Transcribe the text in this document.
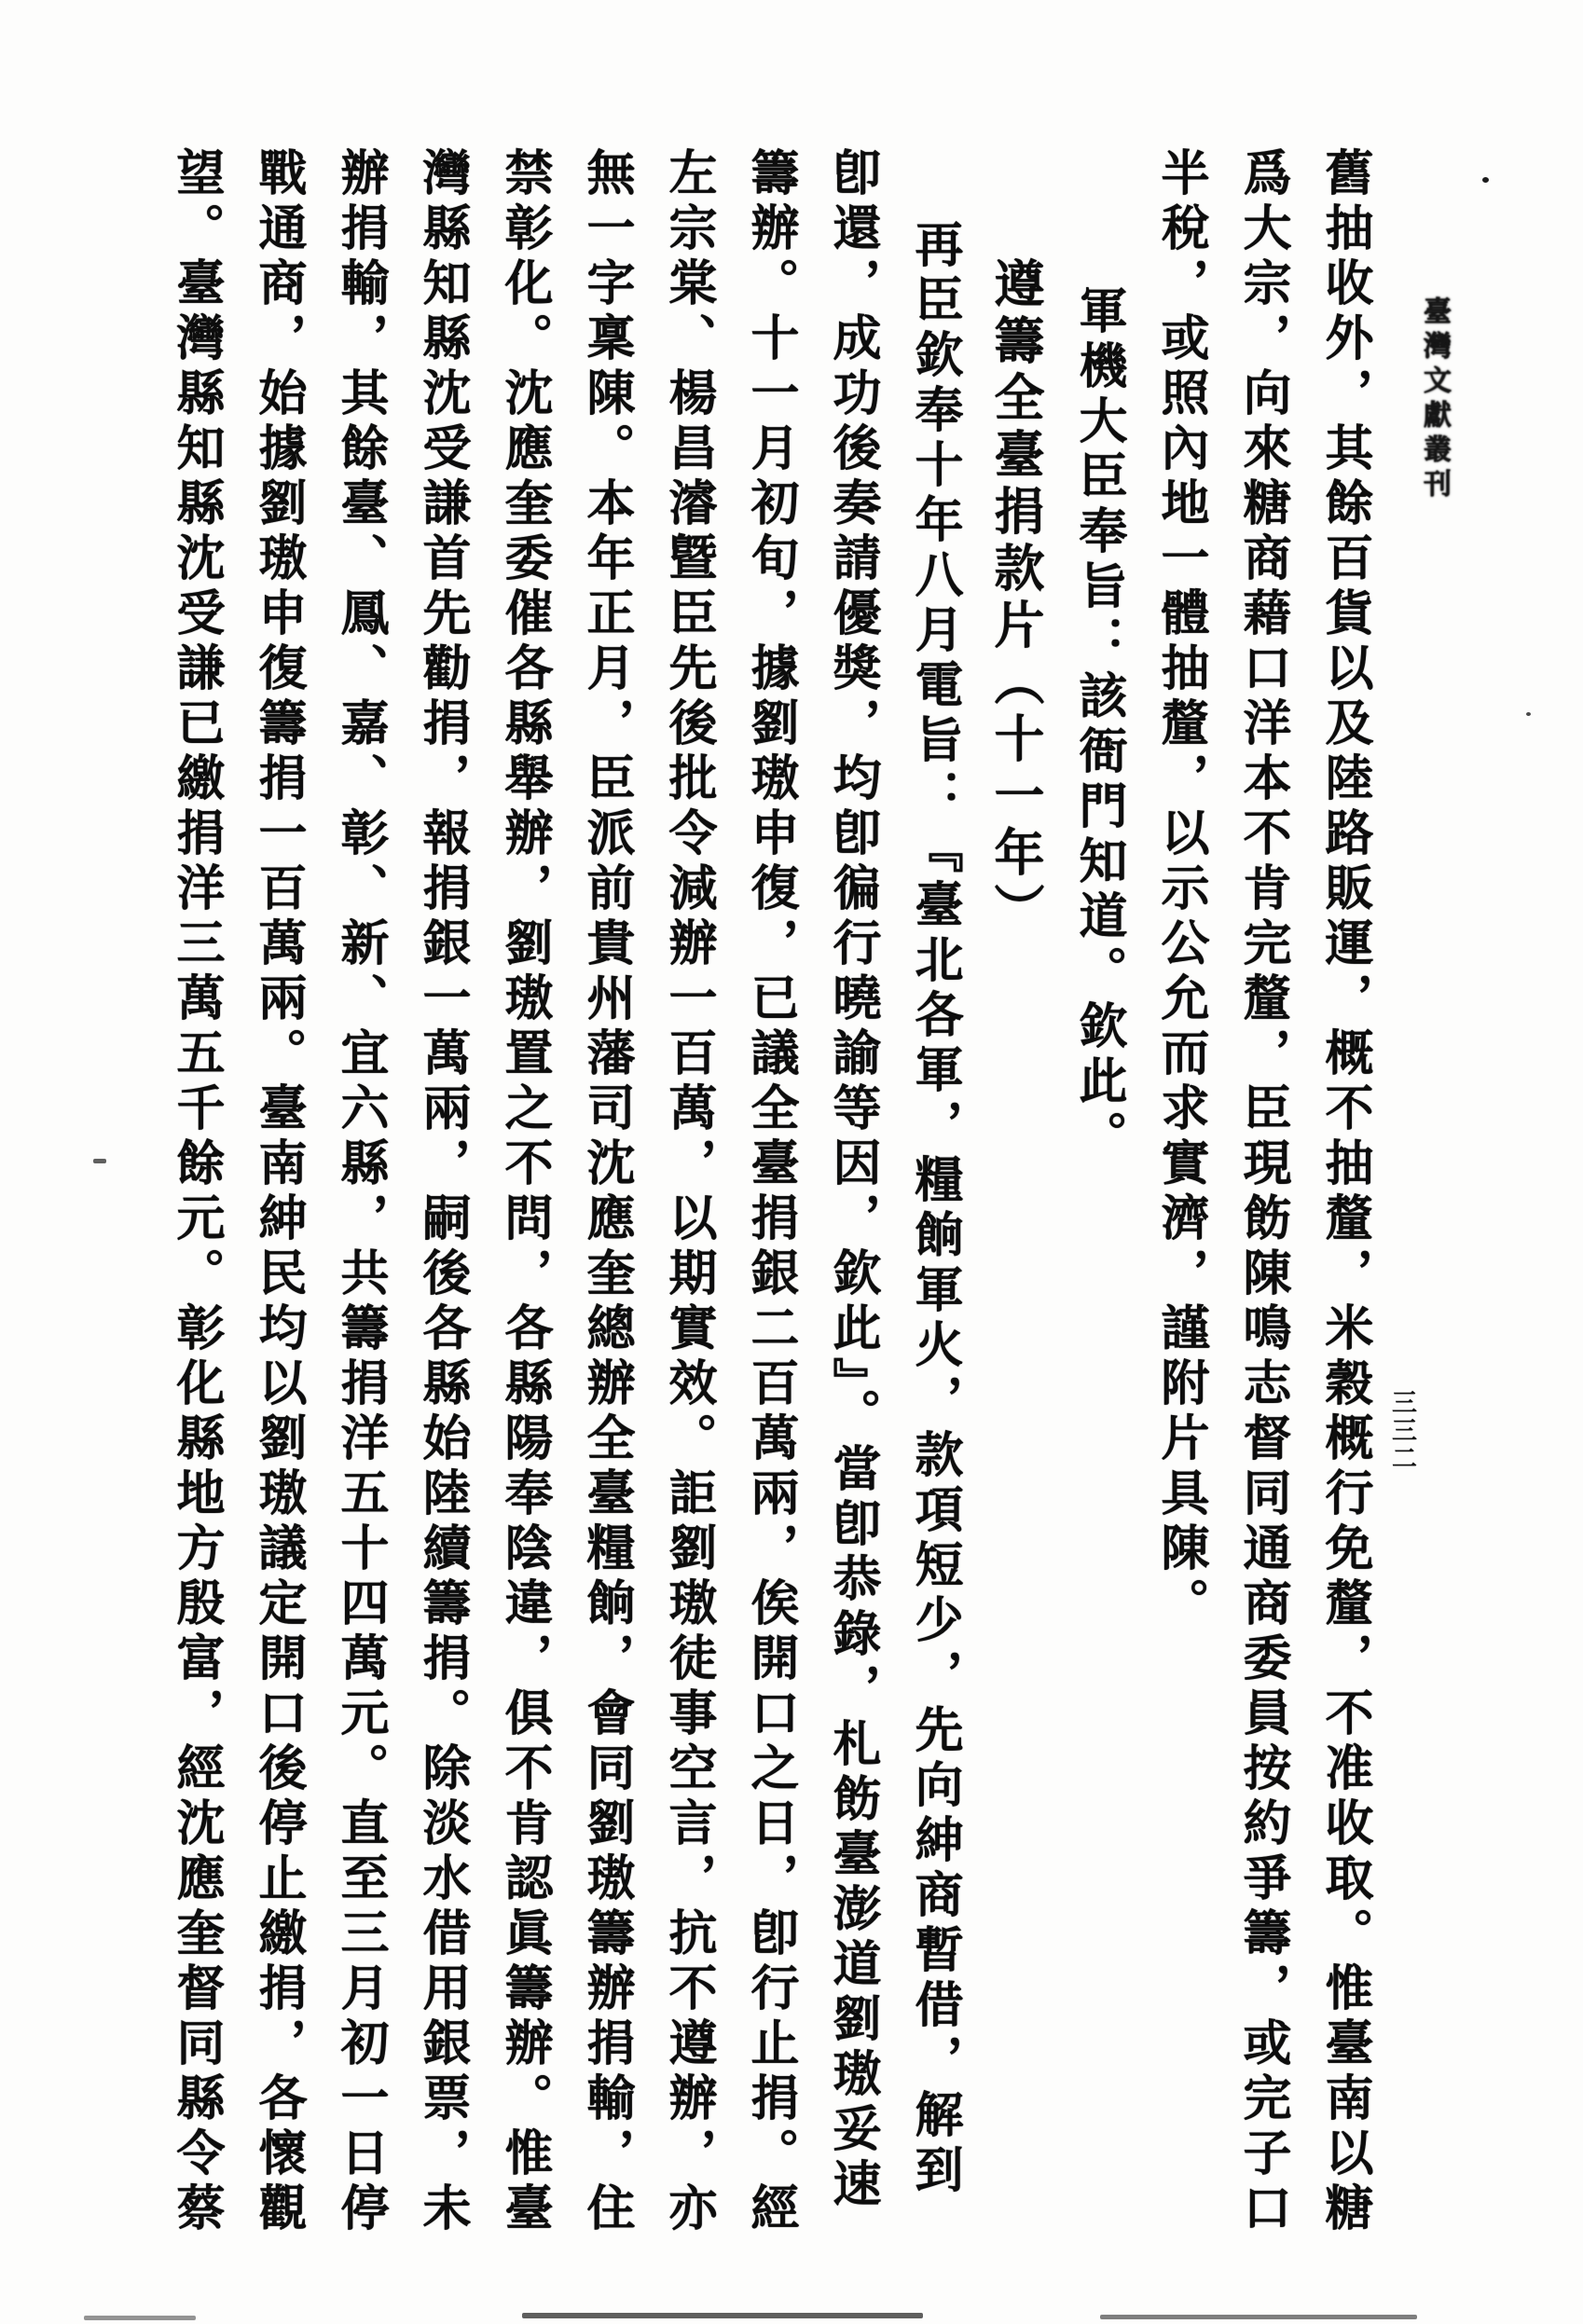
臺灣文獻叢刊
三三二
舊抽收外，其餘百貨以及陸路販運，概不抽釐，米穀概行免釐，不准收取。惟臺南以糖
爲大宗，向來糖商藉口洋本不肯完釐，臣現飭陳鳴志督同通商委員按約爭籌，或完子口
半稅，或照內地一體抽釐，以示公允而求實濟，謹附片具陳。
軍機大臣奉旨：該衙門知道。欽此。
遵籌全臺捐款片（十一年）
再臣欽奉十年八月電旨：『臺北各軍，糧餉軍火，款項短少，先向紳商暫借，解到
卽還，成功後奏請優獎，均卽徧行曉諭等因，欽此』。當卽恭錄，札飭臺澎道劉璈妥速
籌辦。十一月初旬，據劉璈申復，已議全臺捐銀二百萬兩，俟開口之日，卽行止捐。經
左宗棠、楊昌濬曁臣先後批令減辦一百萬，以期實效。詎劉璈徒事空言，抗不遵辦，亦
無一字稟陳。本年正月，臣派前貴州藩司沈應奎總辦全臺糧餉，會同劉璈籌辦捐輸，住
禁彰化。沈應奎委催各縣舉辦，劉璈置之不問，各縣陽奉陰違，俱不肯認眞籌辦。惟臺
灣縣知縣沈受謙首先勸捐，報捐銀一萬兩，嗣後各縣始陸續籌捐。除淡水借用銀票，未
辦捐輸，其餘臺、鳳、嘉、彰、新、宜六縣，共籌捐洋五十四萬元。直至三月初一日停
戰通商，始據劉璈申復籌捐一百萬兩。臺南紳民均以劉璈議定開口後停止繳捐，各懷觀
望。臺灣縣知縣沈受謙已繳捐洋三萬五千餘元。彰化縣地方殷富，經沈應奎督同縣令蔡
